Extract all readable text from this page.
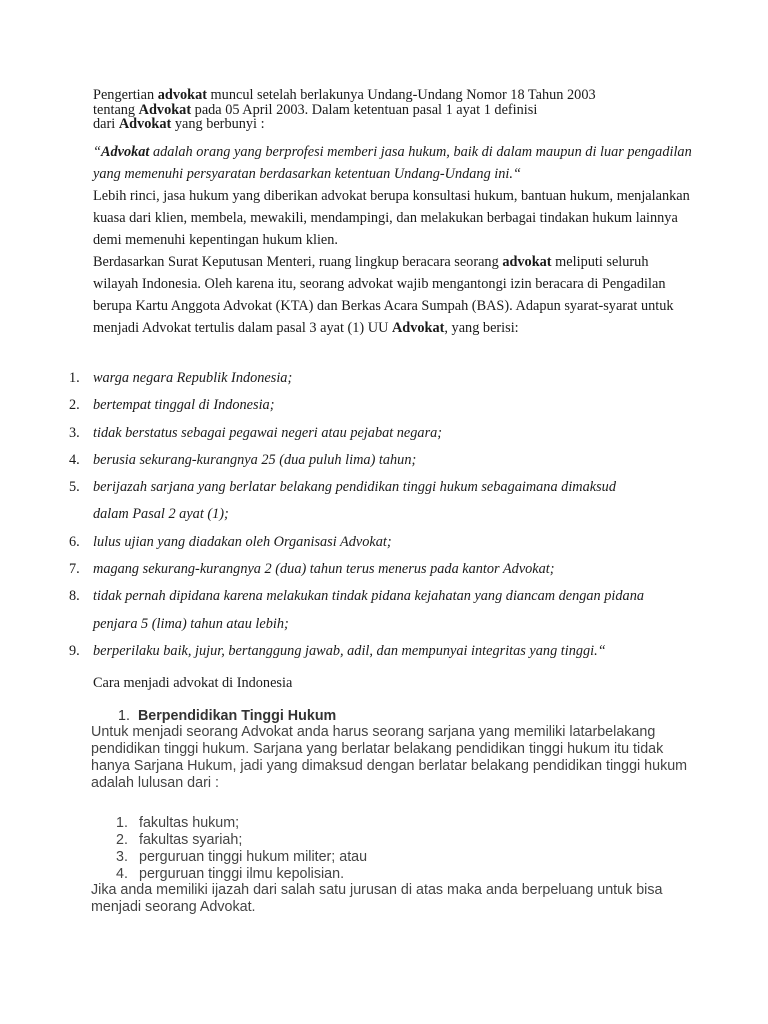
Pengertian advokat muncul setelah berlakunya Undang-Undang Nomor 18 Tahun 2003
tentang Advokat pada 05 April 2003. Dalam ketentuan pasal 1 ayat 1 definisi
dari Advokat yang berbunyi :
“Advokat adalah orang yang berprofesi memberi jasa hukum, baik di dalam maupun di luar pengadilan yang memenuhi persyaratan berdasarkan ketentuan Undang-Undang ini.“
Lebih rinci, jasa hukum yang diberikan advokat berupa konsultasi hukum, bantuan hukum, menjalankan kuasa dari klien, membela, mewakili, mendampingi, dan melakukan berbagai tindakan hukum lainnya demi memenuhi kepentingan hukum klien.
Berdasarkan Surat Keputusan Menteri, ruang lingkup beracara seorang advokat meliputi seluruh wilayah Indonesia. Oleh karena itu, seorang advokat wajib mengantongi izin beracara di Pengadilan berupa Kartu Anggota Advokat (KTA) dan Berkas Acara Sumpah (BAS). Adapun syarat-syarat untuk menjadi Advokat tertulis dalam pasal 3 ayat (1) UU Advokat, yang berisi:
1. warga negara Republik Indonesia;
2. bertempat tinggal di Indonesia;
3. tidak berstatus sebagai pegawai negeri atau pejabat negara;
4. berusia sekurang-kurangnya 25 (dua puluh lima) tahun;
5. berijazah sarjana yang berlatar belakang pendidikan tinggi hukum sebagaimana dimaksud dalam Pasal 2 ayat (1);
6. lulus ujian yang diadakan oleh Organisasi Advokat;
7. magang sekurang-kurangnya 2 (dua) tahun terus menerus pada kantor Advokat;
8. tidak pernah dipidana karena melakukan tindak pidana kejahatan yang diancam dengan pidana penjara 5 (lima) tahun atau lebih;
9. berperilaku baik, jujur, bertanggung jawab, adil, dan mempunyai integritas yang tinggi.“
Cara menjadi advokat di Indonesia
1. Berpendidikan Tinggi Hukum
Untuk menjadi seorang Advokat anda harus seorang sarjana yang memiliki latarbelakang pendidikan tinggi hukum. Sarjana yang berlatar belakang pendidikan tinggi hukum itu tidak hanya Sarjana Hukum, jadi yang dimaksud dengan berlatar belakang pendidikan tinggi hukum adalah lulusan dari :
1. fakultas hukum;
2. fakultas syariah;
3. perguruan tinggi hukum militer; atau
4. perguruan tinggi ilmu kepolisian.
Jika anda memiliki ijazah dari salah satu jurusan di atas maka anda berpeluang untuk bisa menjadi seorang Advokat.
